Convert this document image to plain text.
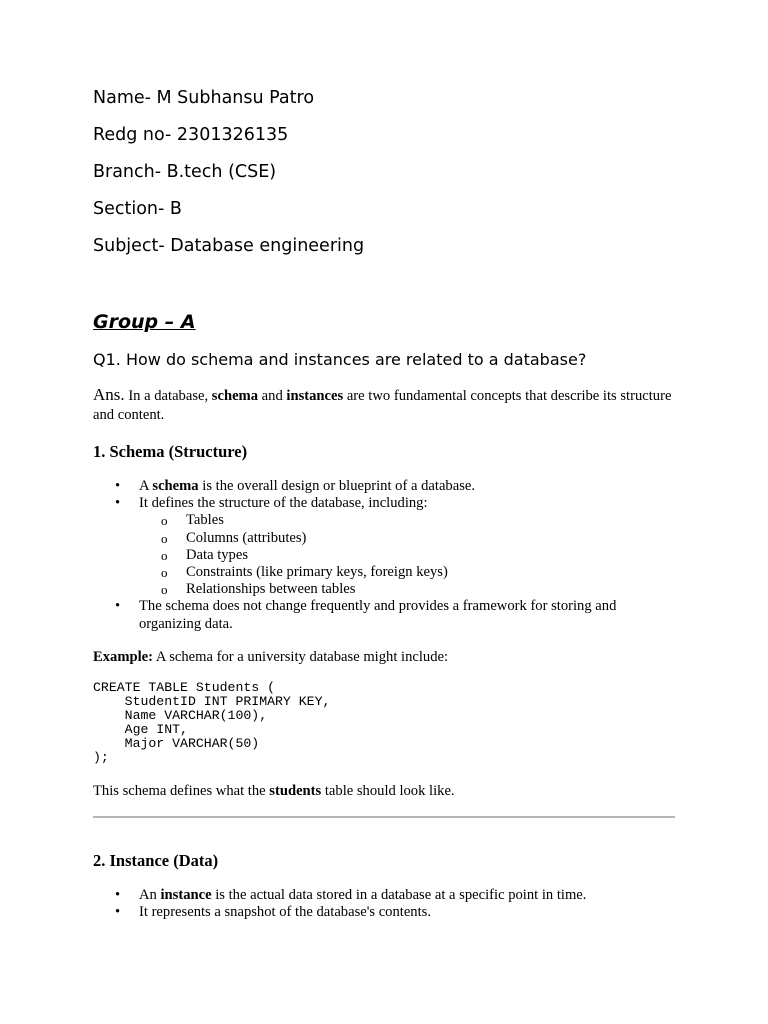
Name- M Subhansu Patro
Redg no- 2301326135
Branch- B.tech (CSE)
Section- B
Subject- Database engineering
Group – A
Q1. How do schema and instances are related to a database?
Ans. In a database, schema and instances are two fundamental concepts that describe its structure and content.
1. Schema (Structure)
• A schema is the overall design or blueprint of a database.
• It defines the structure of the database, including:
o Tables
o Columns (attributes)
o Data types
o Constraints (like primary keys, foreign keys)
o Relationships between tables
• The schema does not change frequently and provides a framework for storing and organizing data.
Example: A schema for a university database might include:
CREATE TABLE Students (
StudentID INT PRIMARY KEY,
Name VARCHAR(100),
Age INT,
Major VARCHAR(50)
);
This schema defines what the students table should look like.
2. Instance (Data)
• An instance is the actual data stored in a database at a specific point in time.
• It represents a snapshot of the database's contents.
